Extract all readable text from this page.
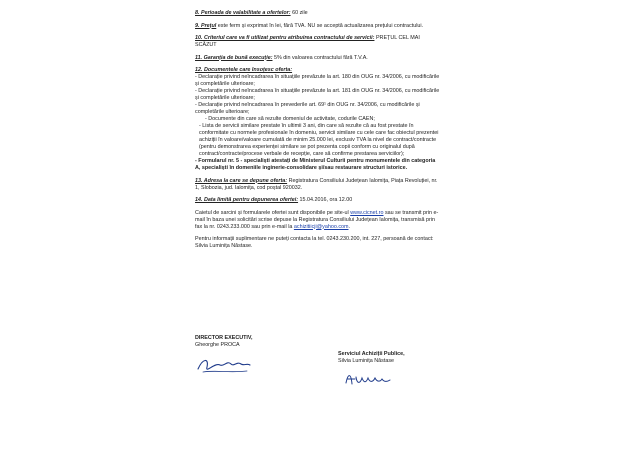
8. Perioada de valabilitate a ofertelor: 60 zile
9. Prețul este ferm și exprimat în lei, fără TVA. NU se acceptă actualizarea prețului contractului.
10. Criteriul care va fi utilizat pentru atribuirea contractului de servicii: PREȚUL CEL MAI SCĂZUT
11. Garanția de bună execuție: 5% din valoarea contractului fără T.V.A.
12. Documentele care însoțesc oferta:
- Declarație privind neîncadrarea în situațiile prevăzute la art. 180 din OUG nr. 34/2006, cu modificările și completările ulterioare;
- Declarație privind neîncadrarea în situațiile prevăzute la art. 181 din OUG nr. 34/2006, cu modificările și completările ulterioare;
- Declarație privind neîncadrarea în prevederile art. 69¹ din OUG nr. 34/2006, cu modificările și completările ulterioare;
- Documente din care să rezulte domeniul de activitate, codurile CAEN;
- Lista de servicii similare prestate în ultimii 3 ani, din care să rezulte că au fost prestate în conformitate cu normele profesionale în domeniu, servicii similare cu cele care fac obiectul prezentei achiziții în valoare/valoare cumulată de minim 25.000 lei, exclusiv TVA la nivel de contract/contracte (pentru demonstrarea experienței similare se pot prezenta copii conform cu originalul după contract/contracte/procese verbale de recepție, care să confirme prestarea serviciilor);
- Formularul nr. 5 - specialiști atestați de Ministerul Culturii pentru monumentele din categoria A, specialiști în domeniile inginerie-consolidare și/sau restaurare structuri istorice.
13. Adresa la care se depune oferta: Registratura Consiliului Județean Ialomița, Piața Revoluției, nr. 1, Slobozia, jud. Ialomița, cod poștal 920032.
14. Data limită pentru depunerea ofertei: 15.04.2016, ora 12.00
Caietul de sarcini și formularele ofertei sunt disponibile pe site-ul www.cicnet.ro sau se transmit prin e-mail în baza unei solicitări scrise depuse la Registratura Consiliului Județean Ialomița, transmisă prin fax la nr. 0243.233.000 sau prin e-mail la achizitiicji@yahoo.com.
Pentru informații suplimentare ne puteți contacta la tel. 0243.230.200, int. 227, persoană de contact: Silvia Luminița Năstase.
DIRECTOR EXECUTIV,
Gheorghe PROCA
Serviciul Achiziții Publice,
Silvia Luminița Năstase
